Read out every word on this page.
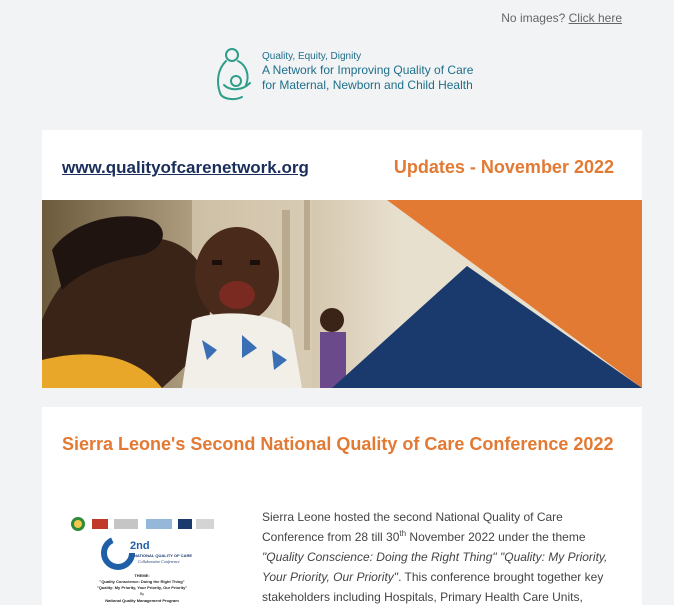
No images? Click here
Quality, Equity, Dignity
A Network for Improving Quality of Care
for Maternal, Newborn and Child Health
www.qualityofcarenetwork.org	Updates - November 2022
Sierra Leone's Second National Quality of Care Conference 2022
2nd
NATIONAL QUALITY OF CARE
Collaborative Conference
THEME:
"Quality Conscience: Doing the Right Thing"
"Quality: My Priority, Your Priority, Our Priority"
By
National Quality Management Program
Sierra Leone hosted the second National Quality of Care Conference from 28 till 30th November 2022 under the theme "Quality Conscience: Doing the Right Thing" "Quality: My Priority, Your Priority, Our Priority". This conference brought together key stakeholders including Hospitals, Primary Health Care Units,
